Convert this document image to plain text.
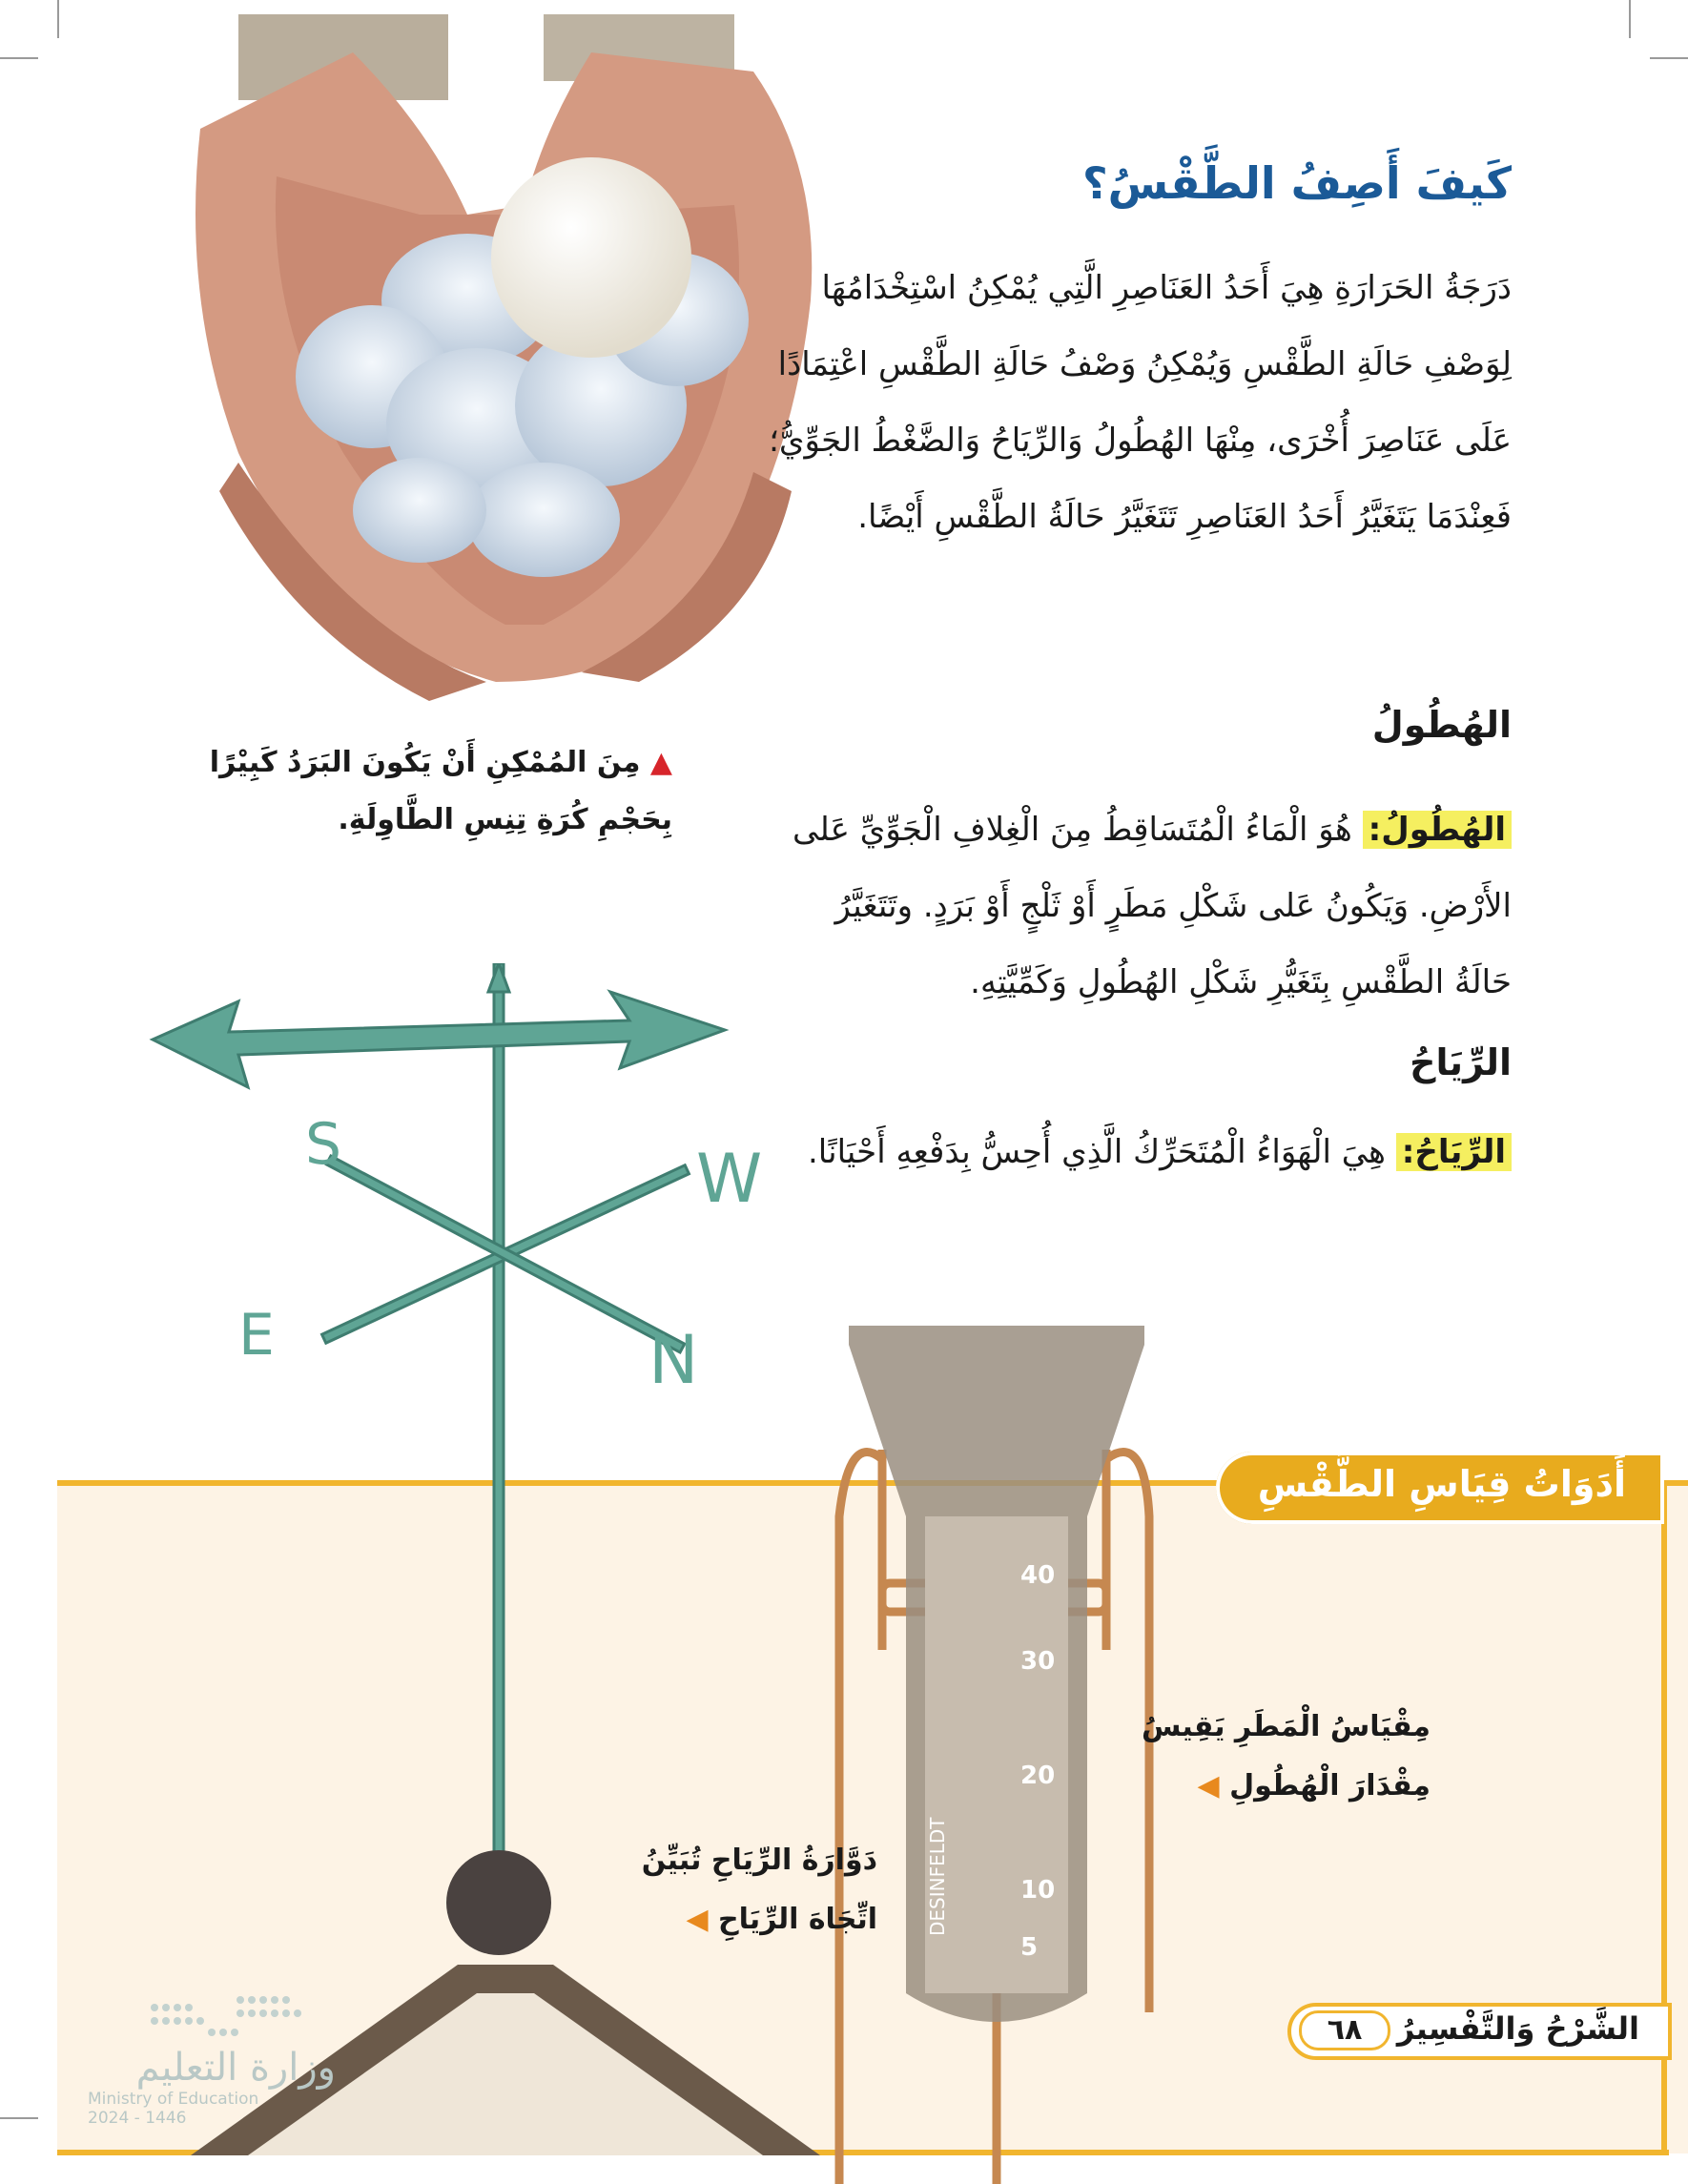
كَيفَ أَصِفُ الطَّقْسُ؟
دَرَجَةُ الحَرَارَةِ هِيَ أَحَدُ العَنَاصِرِ الَّتِي يُمْكِنُ اسْتِخْدَامُهَا لِوَصْفِ حَالَةِ الطَّقْسِ وَيُمْكِنُ وَصْفُ حَالَةِ الطَّقْسِ اعْتِمَادًا عَلَى عَنَاصِرَ أُخْرَى، مِنْهَا الهُطُولُ وَالرِّيَاحُ وَالضَّغْطُ الجَوِّيُّ؛ فَعِنْدَمَا يَتَغَيَّرُ أَحَدُ العَنَاصِرِ تَتَغَيَّرُ حَالَةُ الطَّقْسِ أَيْضًا.
▲ مِنَ المُمْكِنِ أَنْ يَكُونَ البَرَدُ كَبِيْرًا
بِحَجْمِ كُرَةِ تِنِسِ الطَّاوِلَةِ.
الهُطُولُ
الهُطُولُ: هُوَ الْمَاءُ الْمُتَسَاقِطُ مِنَ الْغِلافِ الْجَوِّيِّ عَلى الأَرْضِ. وَيَكُونُ عَلى شَكْلِ مَطَرٍ أَوْ ثَلْجٍ أَوْ بَرَدٍ. وتَتَغَيَّرُ حَالَةُ الطَّقْسِ بِتَغَيُّرِ شَكْلِ الهُطُولِ وَكَمِّيَّتِهِ.
الرِّيَاحُ
الرِّيَاحُ: هِيَ الْهَوَاءُ الْمُتَحَرِّكُ الَّذِي أُحِسُّ بِدَفْعِهِ أَحْيَانًا.
S	W
E	N
40
30
20
10
5
DESINFELDT
أَدَوَاتُ قِيَاسِ الطَّقْسِ
مِقْيَاسُ الْمَطَرِ يَقِيسُ
مِقْدَارَ الْهُطُولِ ◀
دَوَّارَةُ الرِّيَاحِ تُبَيِّنُ
اتِّجَاهَ الرِّيَاحِ ◀
وزارة التعليم
Ministry of Education
2024 - 1446
٦٨	الشَّرْحُ وَالتَّفْسِيرُ
